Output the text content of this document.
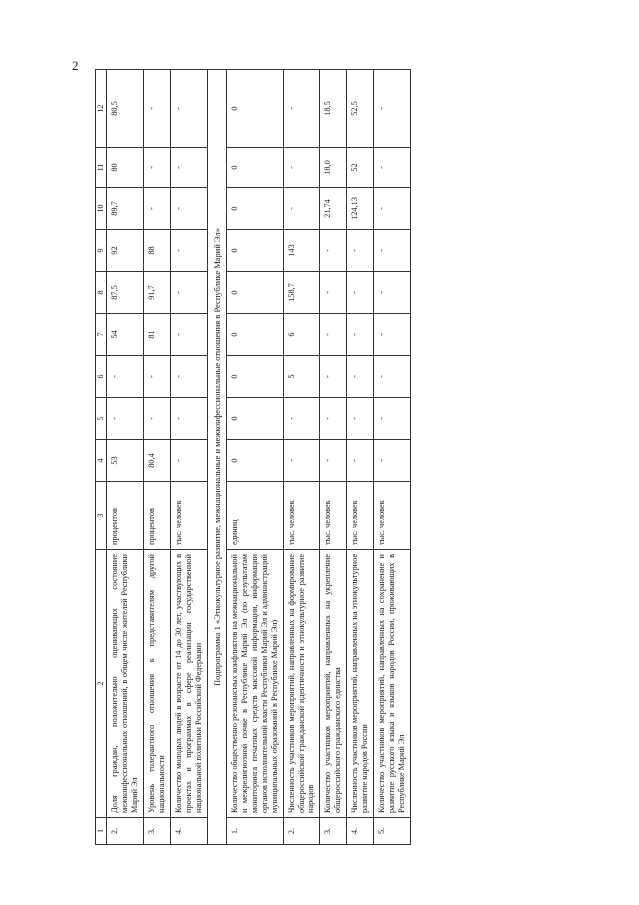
2
1	2	3	4	5	6	7	8	9	10	11	12
2.	Доля граждан, положительно оценивающих состояние межконфессиональных отношений, в общем числе жителей Республики Марий Эл	процентов	53	-	-	54	87,5	92	89,7	80	80,5
3.	Уровень толерантного отношения к представителям другой национальности	процентов	80,4	-	-	81	91,7	88	-	-	-
4.	Количество молодых людей в возрасте от 14 до 30 лет, участвующих в проектах и программах в сфере реализации государственной национальной политики Российской Федерации	тыс. человек	-	-	-	-	-	-	-	-	-
Подпрограмма 1 «Этнокультурное развитие, межнациональные и межконфессиональные отношения в Республике Марий Эл»											
1.	Количество общественно резонансных конфликтов на межнациональной и межрелигиозной почве в Республике Марий Эл (по результатам мониторинга печатных средств массовой информации, информации органов исполнительной власти Республики Марий Эл и администраций муниципальных образований в Республике Марий Эл)	единиц	0	0	0	0	0	0	0	0	0
2.	Численность участников мероприятий, направленных на формирование общероссийской гражданской идентичности и этнокультурное развитие народов	тыс. человек	-	-	5	6	158,7	143	-	-	-
3.	Количество участников мероприятий, направленных на укрепление общероссийского гражданского единства	тыс. человек	-	-	-	-	-	-	21,74	18,0	18,5
4.	Численность участников мероприятий, направленных на этнокультурное развитие народов России	тыс. человек	-	-	-	-	-	-	124,13	52	52,5
5.	Количество участников мероприятий, направленных на сохранение и развитие русского языка и языков народов России, проживающих в Республике Марий Эл	тыс. человек	-	-	-	-	-	-	-	-	-
